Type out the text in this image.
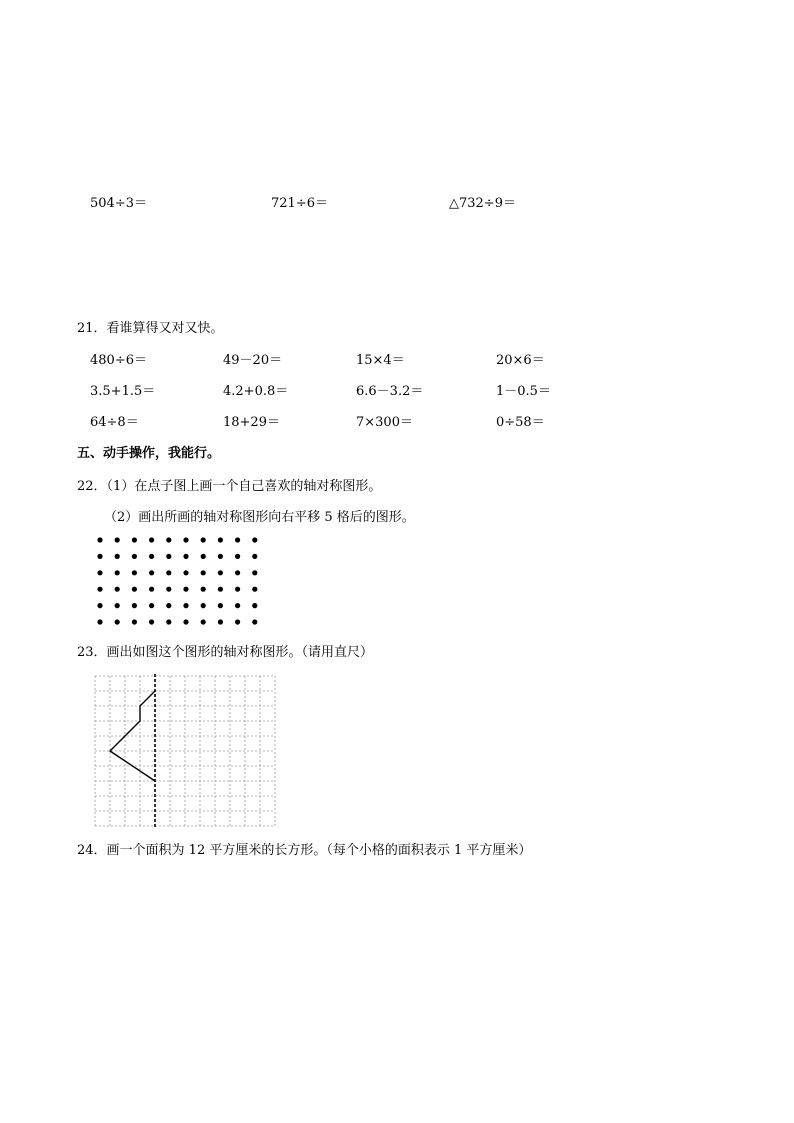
504÷3＝	721÷6＝	△732÷9＝
21．看谁算得又对又快。
480÷6＝	49－20＝	15×4＝	20×6＝
3.5+1.5＝	4.2+0.8＝	6.6－3.2＝	1－0.5＝
64÷8＝	18+29＝	7×300＝	0÷58＝
五、动手操作，我能行。
22．（1）在点子图上画一个自己喜欢的轴对称图形。
（2）画出所画的轴对称图形向右平移 5 格后的图形。
23．画出如图这个图形的轴对称图形。（请用直尺）
24．画一个面积为 12 平方厘米的长方形。（每个小格的面积表示 1 平方厘米）
